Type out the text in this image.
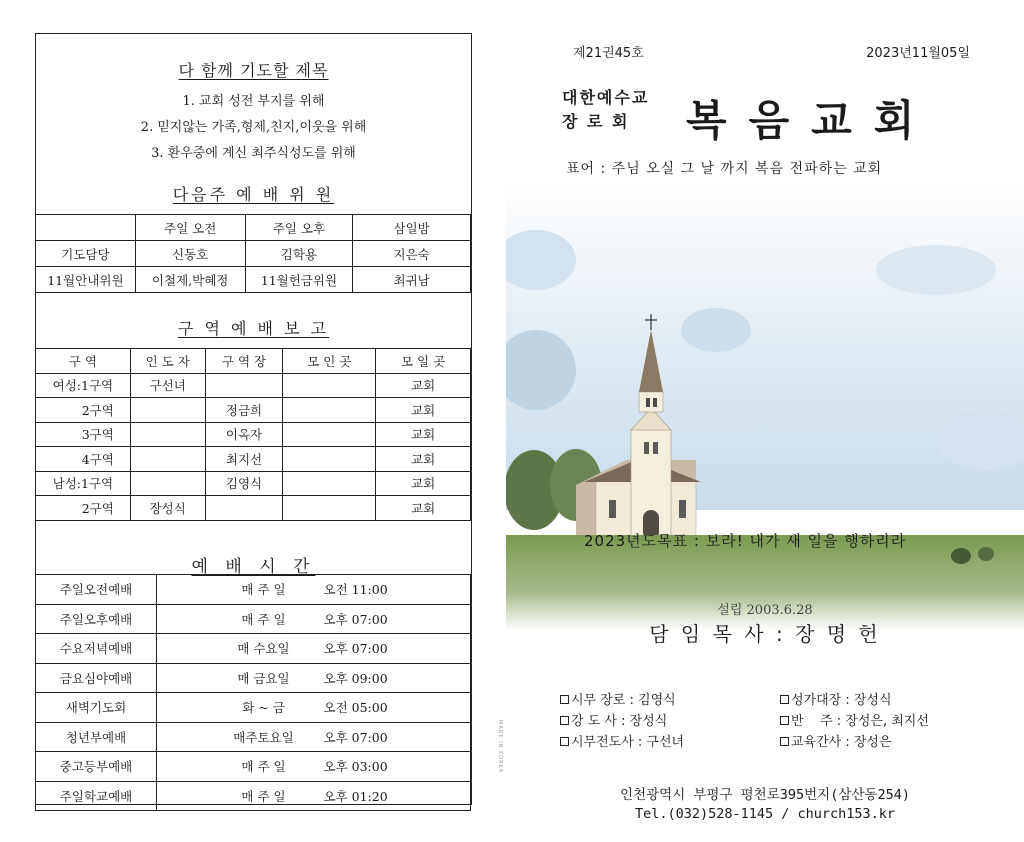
다 함께 기도할 제목
1. 교회 성전 부지를 위해
2. 믿지않는 가족,형제,친지,이웃을 위해
3. 환우중에 계신 최주식성도를 위해
다음주 예 배 위 원
	주일 오전	주일 오후	삼일밤
기도담당	신동호	김학용	지은숙
11월안내위원	이철제,박혜정	11월헌금위원	최귀남
구 역 예 배 보 고
구 역	인 도 자	구 역 장	모 인 곳	모 일 곳
여성:1구역	구선녀			교회
2구역		정금희		교회
3구역		이옥자		교회
4구역		최지선		교회
남성:1구역		김영식		교회
2구역	장성식			교회
예 배 시 간
주일오전예배	매 주 일 오전 11:00
주일오후예배	매 주 일 오후 07:00
수요저녁예배	매 수요일 오후 07:00
금요심야예배	매 금요일 오후 09:00
새벽기도회	화 ~ 금 오전 05:00
청년부예배	매주토요일 오후 07:00
중고등부예배	매 주 일 오후 03:00
주일학교예배	매 주 일 오후 01:20
MADE IN KOREA
제21권45호	2023년11월05일
대한예수교
장 로 회	복음교회
표어 : 주님 오실 그 날 까지 복음 전파하는 교회
2023년도목표 : 보라! 내가 새 일을 행하리라
설립 2003.6.28
담 임 목 사 : 장 명 헌
시무 장로 : 김영식
강 도 사 : 장성식
시무전도사 : 구선녀
성가대장 : 장성식
반    주 : 장성은, 최지선
교육간사 : 장성은
인천광역시 부평구 평천로395번지(삼산동254)
Tel.(032)528-1145 / church153.kr
